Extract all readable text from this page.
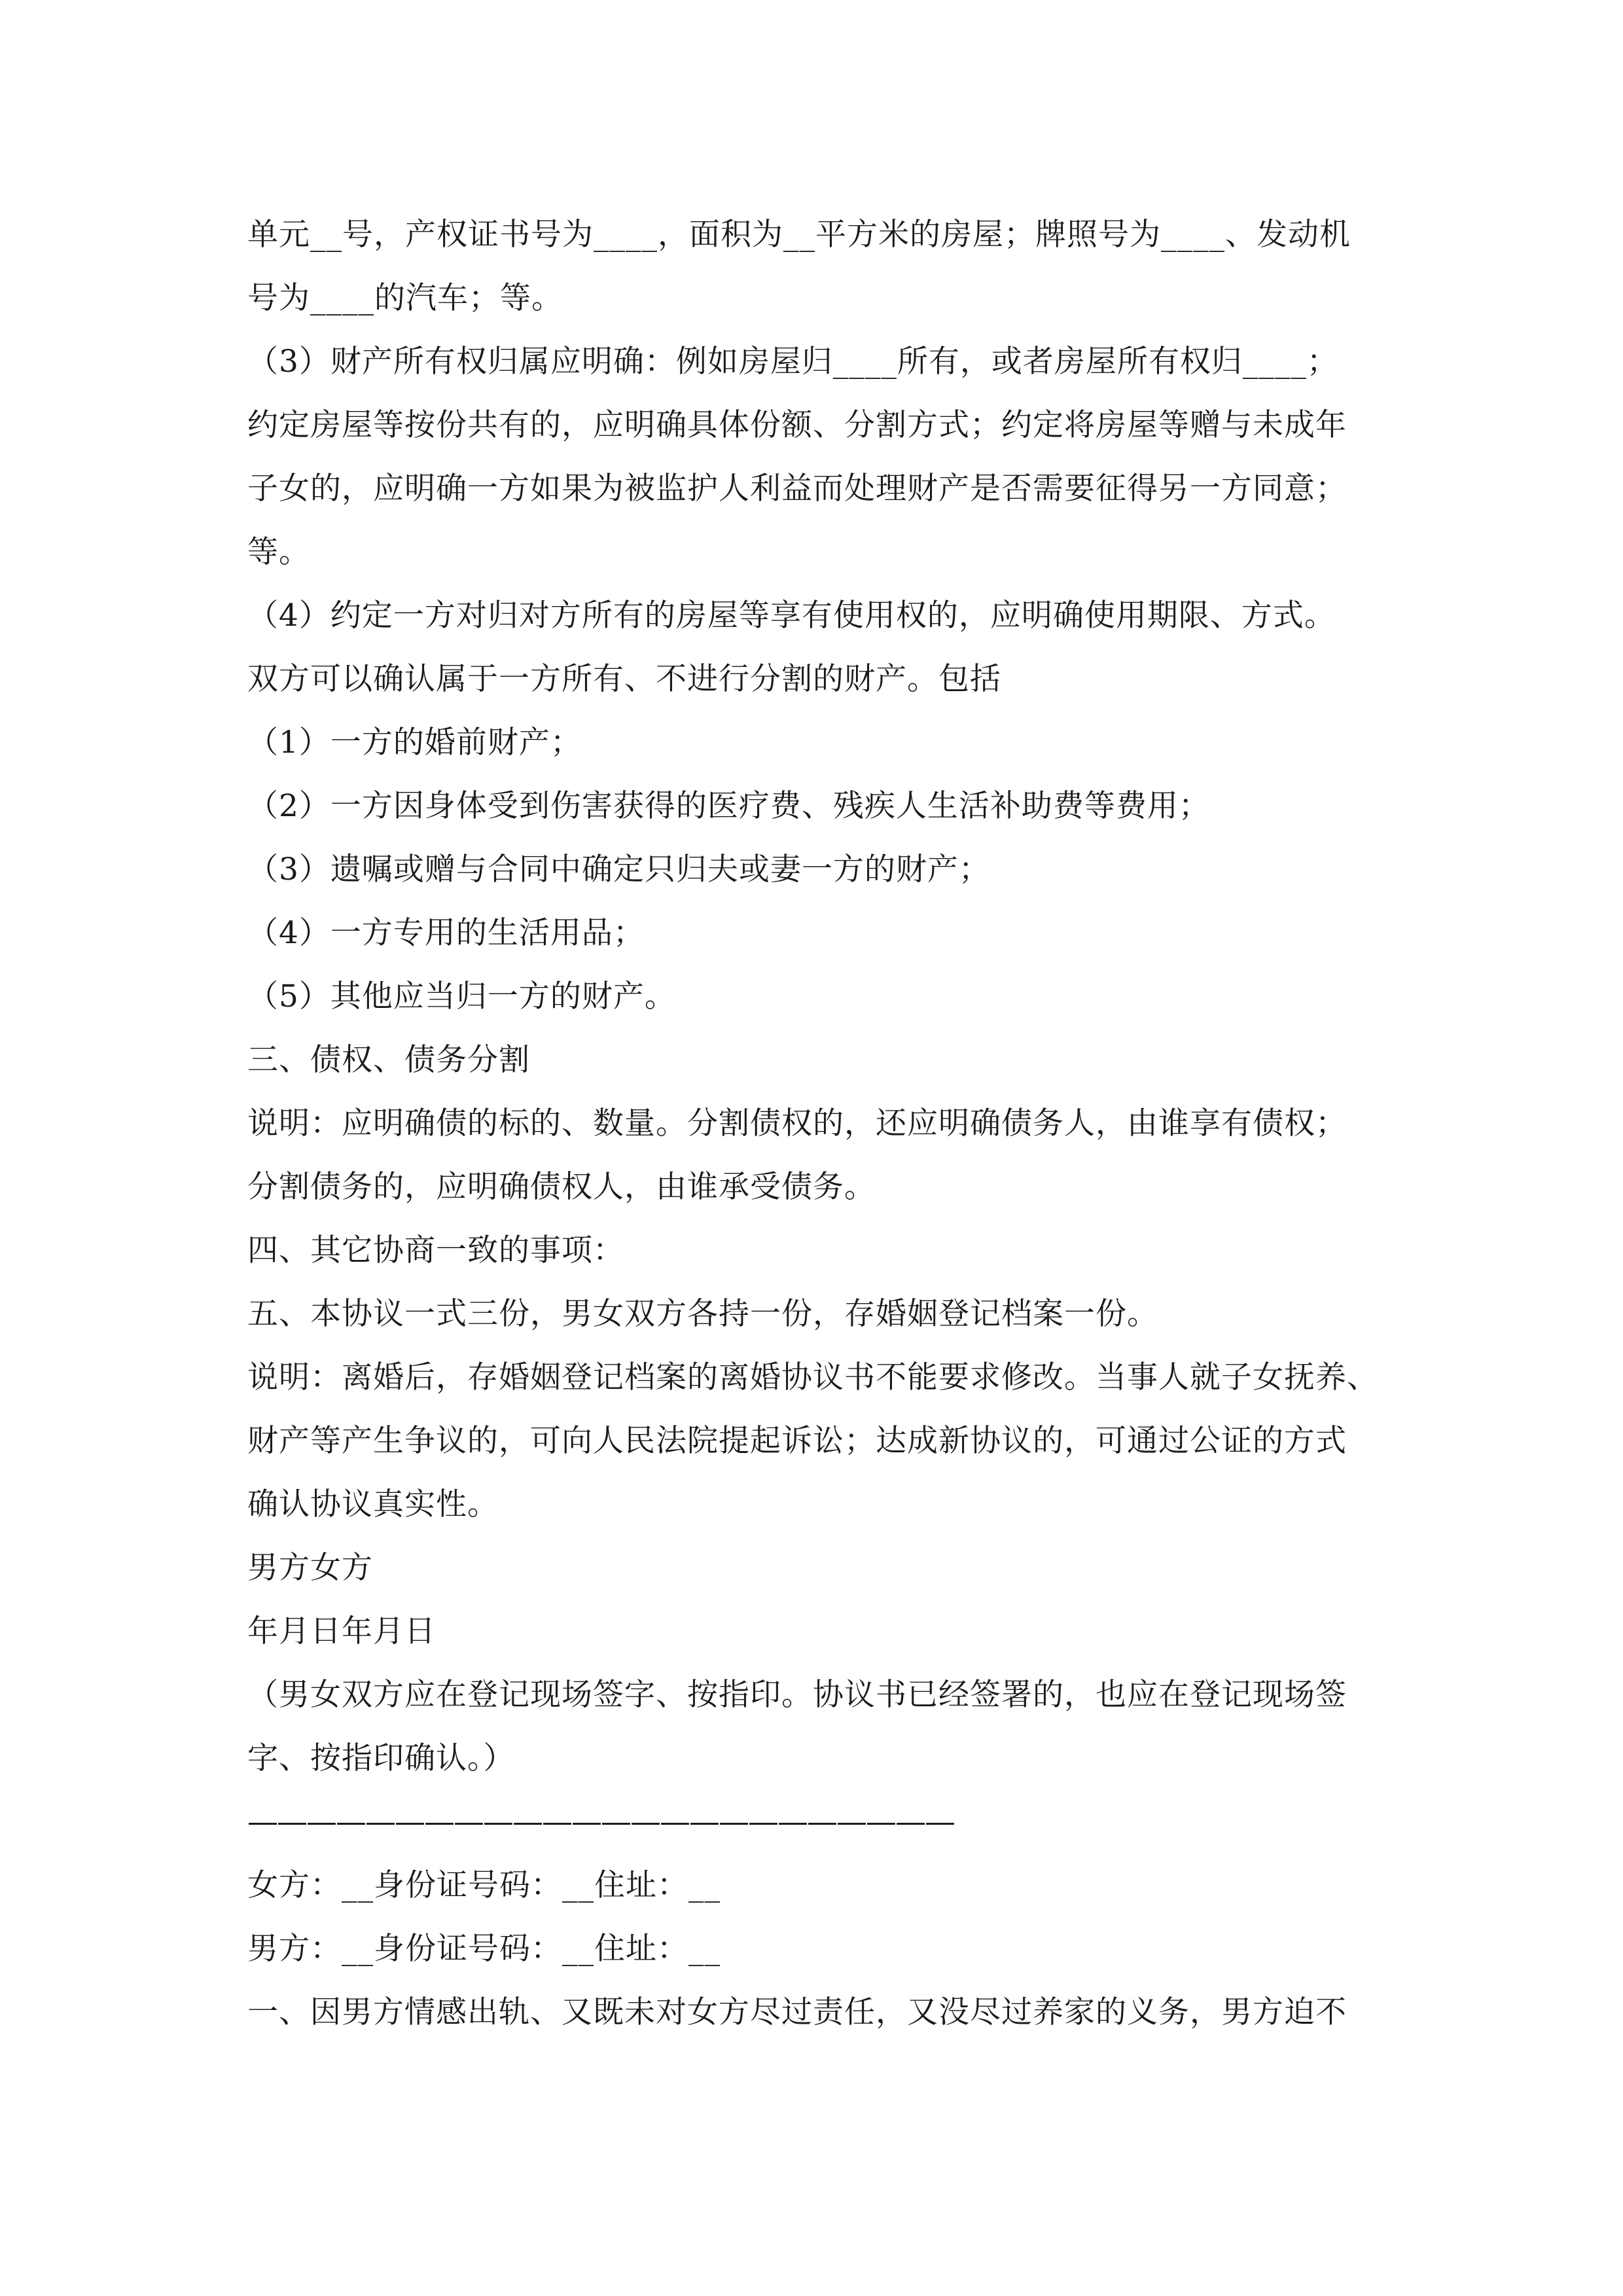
单元__号，产权证书号为____，面积为__平方米的房屋；牌照号为____、发动机
号为____的汽车；等。
（3）财产所有权归属应明确：例如房屋归____所有，或者房屋所有权归____；
约定房屋等按份共有的，应明确具体份额、分割方式；约定将房屋等赠与未成年
子女的，应明确一方如果为被监护人利益而处理财产是否需要征得另一方同意；
等。
（4）约定一方对归对方所有的房屋等享有使用权的，应明确使用期限、方式。
双方可以确认属于一方所有、不进行分割的财产。包括
（1）一方的婚前财产；
（2）一方因身体受到伤害获得的医疗费、残疾人生活补助费等费用；
（3）遗嘱或赠与合同中确定只归夫或妻一方的财产；
（4）一方专用的生活用品；
（5）其他应当归一方的财产。
三、债权、债务分割
说明：应明确债的标的、数量。分割债权的，还应明确债务人，由谁享有债权；
分割债务的，应明确债权人，由谁承受债务。
四、其它协商一致的事项：
五、本协议一式三份，男女双方各持一份，存婚姻登记档案一份。
说明：离婚后，存婚姻登记档案的离婚协议书不能要求修改。当事人就子女抚养、
财产等产生争议的，可向人民法院提起诉讼；达成新协议的，可通过公证的方式
确认协议真实性。
男方女方
年月日年月日
（男女双方应在登记现场签字、按指印。协议书已经签署的，也应在登记现场签
字、按指印确认。）
————————————————————————
女方：__身份证号码：__住址：__
男方：__身份证号码：__住址：__
一、因男方情感出轨、又既未对女方尽过责任，又没尽过养家的义务，男方迫不
